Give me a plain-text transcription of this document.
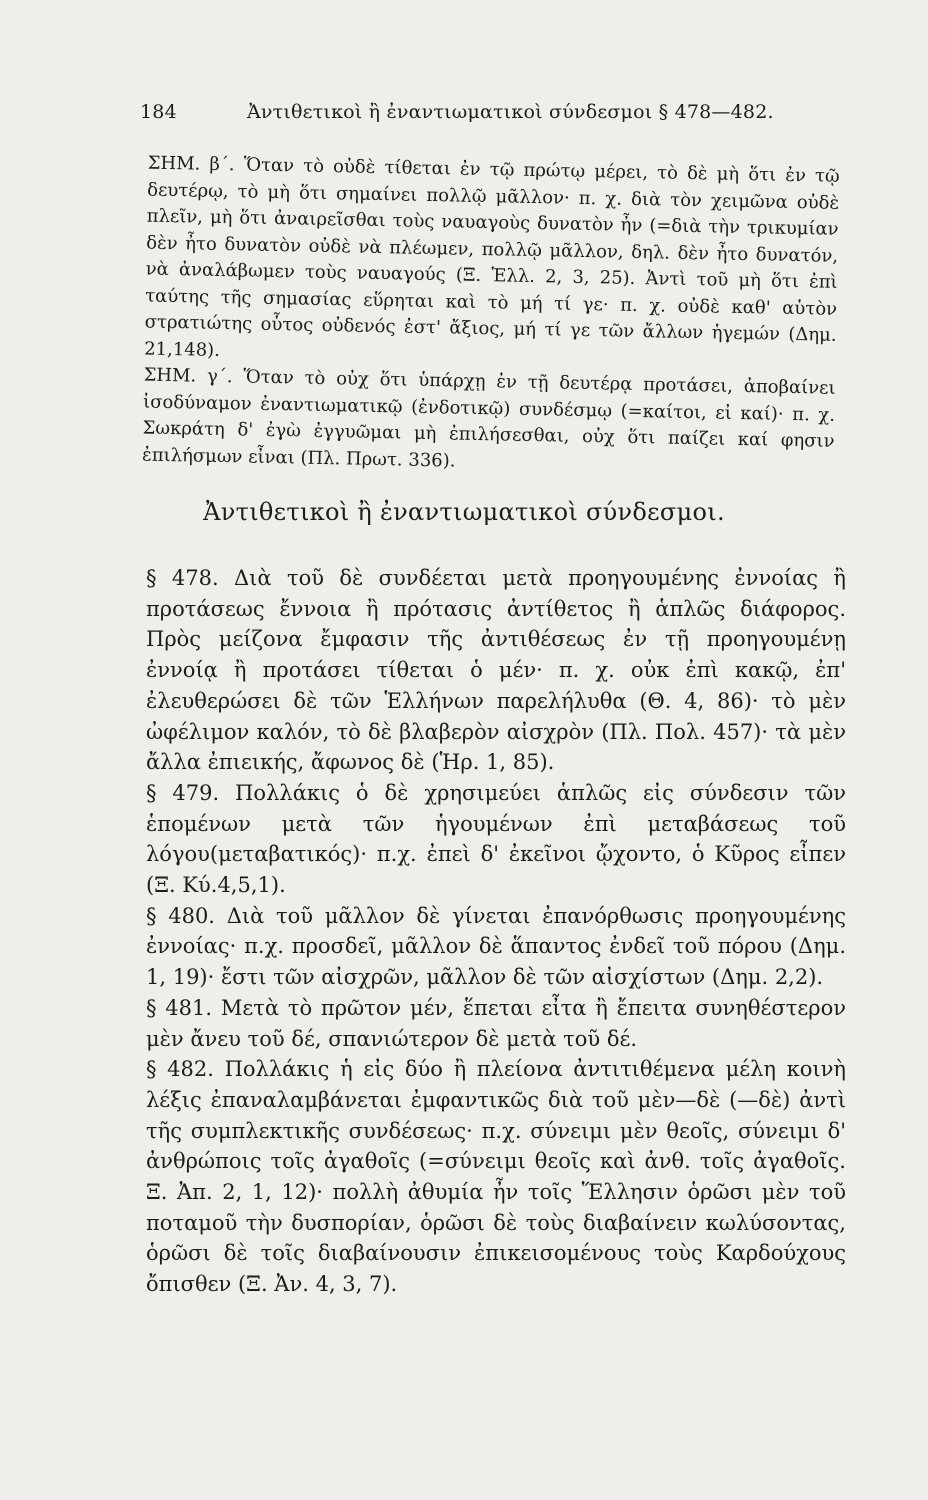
184	Ἀντιθετικοὶ ἢ ἐναντιωματικοὶ σύνδεσμοι § 478—482.

ΣΗΜ. β΄. Ὅταν τὸ οὐδὲ τίθεται ἐν τῷ πρώτῳ μέρει, τὸ δὲ μὴ ὅτι ἐν τῷ δευτέρῳ, τὸ μὴ ὅτι σημαίνει πολλῷ μᾶλλον· π. χ. διὰ τὸν χειμῶνα οὐδὲ πλεῖν, μὴ ὅτι ἀναιρεῖσθαι τοὺς ναυαγοὺς δυνατὸν ἦν (=διὰ τὴν τρικυμίαν δὲν ἦτο δυνατὸν οὐδὲ νὰ πλέωμεν, πολλῷ μᾶλλον, δηλ. δὲν ἦτο δυνατόν, νὰ ἀναλάβωμεν τοὺς ναυαγούς (Ξ. Ἑλλ. 2, 3, 25). Ἀντὶ τοῦ μὴ ὅτι ἐπὶ ταύτης τῆς σημασίας εὕρηται καὶ τὸ μή τί γε· π. χ. οὐδὲ καθ' αὑτὸν στρατιώτης οὗτος οὐδενός ἐστ' ἄξιος, μή τί γε τῶν ἄλλων ἡγεμών (Δημ. 21,148).

ΣΗΜ. γ΄. Ὅταν τὸ οὐχ ὅτι ὑπάρχῃ ἐν τῇ δευτέρᾳ προτάσει, ἀποβαίνει ἰσοδύναμον ἐναντιωματικῷ (ἐνδοτικῷ) συνδέσμῳ (=καίτοι, εἰ καί)· π. χ. Σωκράτη δ' ἐγὼ ἐγγυῶμαι μὴ ἐπιλήσεσθαι, οὐχ ὅτι παίζει καί φησιν ἐπιλήσμων εἶναι (Πλ. Πρωτ. 336).

Ἀντιθετικοὶ ἢ ἐναντιωματικοὶ σύνδεσμοι.

§ 478. Διὰ τοῦ δὲ συνδέεται μετὰ προηγουμένης ἐννοίας ἢ προτάσεως ἔννοια ἢ πρότασις ἀντίθετος ἢ ἁπλῶς διάφορος. Πρὸς μείζονα ἔμφασιν τῆς ἀντιθέσεως ἐν τῇ προηγουμένῃ ἐννοίᾳ ἢ προτάσει τίθεται ὁ μέν· π. χ. οὐκ ἐπὶ κακῷ, ἐπ' ἐλευθερώσει δὲ τῶν Ἑλλήνων παρελήλυθα (Θ. 4, 86)· τὸ μὲν ὠφέλιμον καλόν, τὸ δὲ βλαβερὸν αἰσχρὸν (Πλ. Πολ. 457)· τὰ μὲν ἄλλα ἐπιεικής, ἄφωνος δὲ (Ἡρ. 1, 85).

§ 479. Πολλάκις ὁ δὲ χρησιμεύει ἁπλῶς εἰς σύνδεσιν τῶν ἑπομένων μετὰ τῶν ἡγουμένων ἐπὶ μεταβάσεως τοῦ λόγου(μεταβατικός)· π.χ. ἐπεὶ δ' ἐκεῖνοι ᾤχοντο, ὁ Κῦρος εἶπεν (Ξ. Κύ.4,5,1).

§ 480. Διὰ τοῦ μᾶλλον δὲ γίνεται ἐπανόρθωσις προηγουμένης ἐννοίας· π.χ. προσδεῖ, μᾶλλον δὲ ἅπαντος ἐνδεῖ τοῦ πόρου (Δημ. 1, 19)· ἔστι τῶν αἰσχρῶν, μᾶλλον δὲ τῶν αἰσχίστων (Δημ. 2,2).

§ 481. Μετὰ τὸ πρῶτον μέν, ἕπεται εἶτα ἢ ἔπειτα συνηθέστερον μὲν ἄνευ τοῦ δέ, σπανιώτερον δὲ μετὰ τοῦ δέ.

§ 482. Πολλάκις ἡ εἰς δύο ἢ πλείονα ἀντιτιθέμενα μέλη κοινὴ λέξις ἐπαναλαμβάνεται ἐμφαντικῶς διὰ τοῦ μὲν—δὲ (—δὲ) ἀντὶ τῆς συμπλεκτικῆς συνδέσεως· π.χ. σύνειμι μὲν θεοῖς, σύνειμι δ' ἀνθρώποις τοῖς ἀγαθοῖς (=σύνειμι θεοῖς καὶ ἀνθ. τοῖς ἀγαθοῖς. Ξ. Ἀπ. 2, 1, 12)· πολλὴ ἀθυμία ἦν τοῖς Ἕλλησιν ὁρῶσι μὲν τοῦ ποταμοῦ τὴν δυσπορίαν, ὁρῶσι δὲ τοὺς διαβαίνειν κωλύσοντας, ὁρῶσι δὲ τοῖς διαβαίνουσιν ἐπικεισομένους τοὺς Καρδούχους ὄπισθεν (Ξ. Ἀν. 4, 3, 7).
